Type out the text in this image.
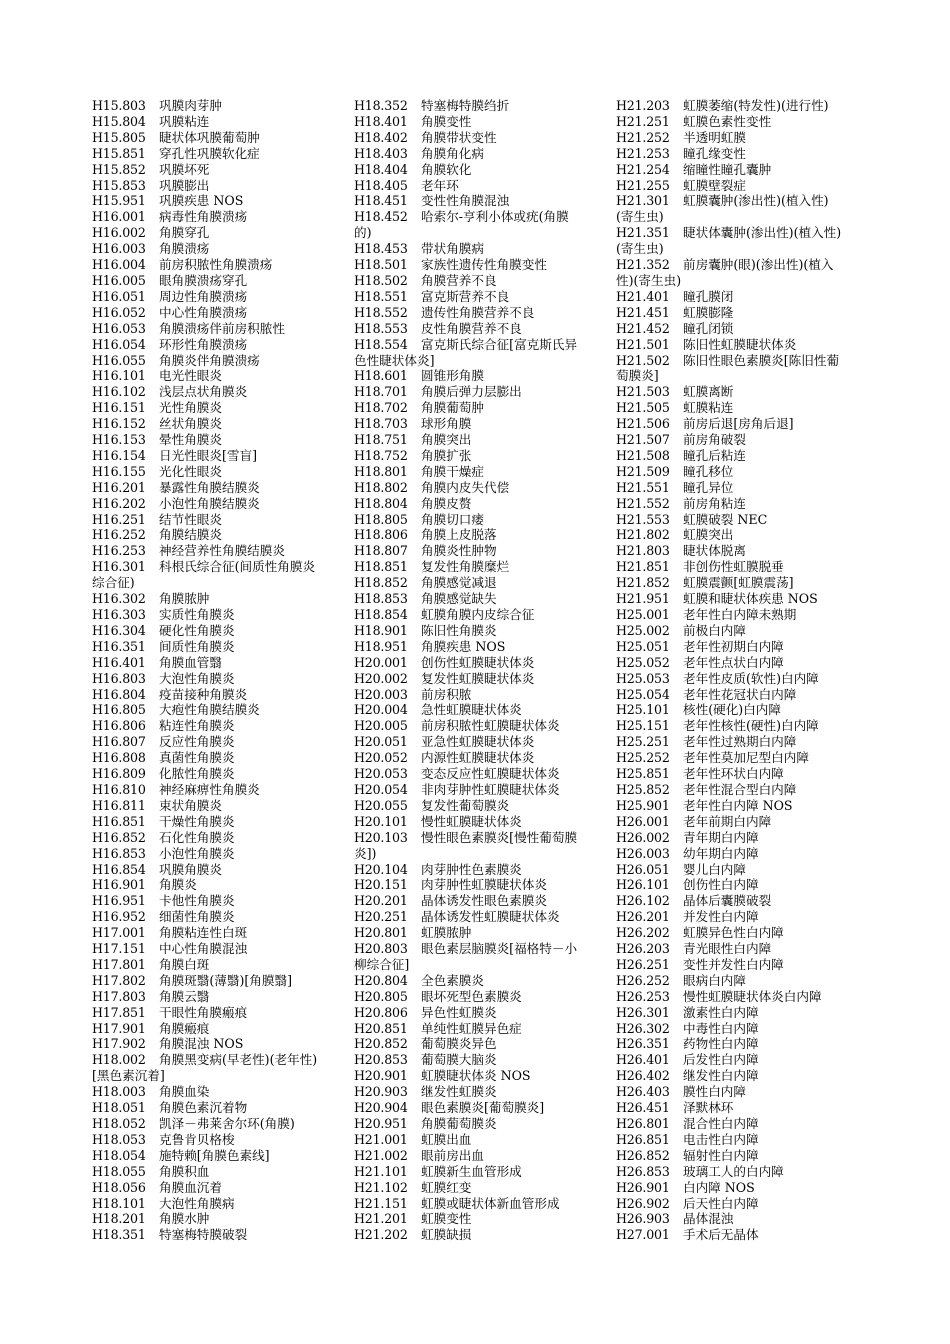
H15.803	巩膜肉芽肿
H15.804	巩膜粘连
H15.805	睫状体巩膜葡萄肿
H15.851	穿孔性巩膜软化症
H15.852	巩膜坏死
H15.853	巩膜膨出
H15.951	巩膜疾患 NOS
H16.001	病毒性角膜溃疡
H16.002	角膜穿孔
H16.003	角膜溃疡
H16.004	前房积脓性角膜溃疡
H16.005	眼角膜溃疡穿孔
H16.051	周边性角膜溃疡
H16.052	中心性角膜溃疡
H16.053	角膜溃疡伴前房积脓性
H16.054	环形性角膜溃疡
H16.055	角膜炎伴角膜溃疡
H16.101	电光性眼炎
H16.102	浅层点状角膜炎
H16.151	光性角膜炎
H16.152	丝状角膜炎
H16.153	晕性角膜炎
H16.154	日光性眼炎[雪盲]
H16.155	光化性眼炎
H16.201	暴露性角膜结膜炎
H16.202	小泡性角膜结膜炎
H16.251	结节性眼炎
H16.252	角膜结膜炎
H16.253	神经营养性角膜结膜炎
H16.301	科根氏综合征(间质性角膜炎
综合征)
H16.302	角膜脓肿
H16.303	实质性角膜炎
H16.304	硬化性角膜炎
H16.351	间质性角膜炎
H16.401	角膜血管翳
H16.803	大泡性角膜炎
H16.804	疫苗接种角膜炎
H16.805	大疱性角膜结膜炎
H16.806	粘连性角膜炎
H16.807	反应性角膜炎
H16.808	真菌性角膜炎
H16.809	化脓性角膜炎
H16.810	神经麻痹性角膜炎
H16.811	束状角膜炎
H16.851	干燥性角膜炎
H16.852	石化性角膜炎
H16.853	小泡性角膜炎
H16.854	巩膜角膜炎
H16.901	角膜炎
H16.951	卡他性角膜炎
H16.952	细菌性角膜炎
H17.001	角膜粘连性白斑
H17.151	中心性角膜混浊
H17.801	角膜白斑
H17.802	角膜斑翳(薄翳)[角膜翳]
H17.803	角膜云翳
H17.851	干眼性角膜瘢痕
H17.901	角膜瘢痕
H17.902	角膜混浊 NOS
H18.002	角膜黑变病(早老性)(老年性)
[黑色素沉着]
H18.003	角膜血染
H18.051	角膜色素沉着物
H18.052	凯泽－弗莱舍尔环(角膜)
H18.053	克鲁肯贝格梭
H18.054	施特赖[角膜色素线]
H18.055	角膜积血
H18.056	角膜血沉着
H18.101	大泡性角膜病
H18.201	角膜水肿
H18.351	特塞梅特膜破裂
H18.352	特塞梅特膜绉折
H18.401	角膜变性
H18.402	角膜带状变性
H18.403	角膜角化病
H18.404	角膜软化
H18.405	老年环
H18.451	变性性角膜混浊
H18.452	哈索尔-亨利小体或疣(角膜
的)
H18.453	带状角膜病
H18.501	家族性遗传性角膜变性
H18.502	角膜营养不良
H18.551	富克斯营养不良
H18.552	遗传性角膜营养不良
H18.553	皮性角膜营养不良
H18.554	富克斯氏综合征[富克斯氏异
色性睫状体炎]
H18.601	圆锥形角膜
H18.701	角膜后弹力层膨出
H18.702	角膜葡萄肿
H18.703	球形角膜
H18.751	角膜突出
H18.752	角膜扩张
H18.801	角膜干燥症
H18.802	角膜内皮失代偿
H18.804	角膜皮赘
H18.805	角膜切口瘘
H18.806	角膜上皮脱落
H18.807	角膜炎性肿物
H18.851	复发性角膜糜烂
H18.852	角膜感觉减退
H18.853	角膜感觉缺失
H18.854	虹膜角膜内皮综合征
H18.901	陈旧性角膜炎
H18.951	角膜疾患 NOS
H20.001	创伤性虹膜睫状体炎
H20.002	复发性虹膜睫状体炎
H20.003	前房积脓
H20.004	急性虹膜睫状体炎
H20.005	前房积脓性虹膜睫状体炎
H20.051	亚急性虹膜睫状体炎
H20.052	内源性虹膜睫状体炎
H20.053	变态反应性虹膜睫状体炎
H20.054	非肉芽肿性虹膜睫状体炎
H20.055	复发性葡萄膜炎
H20.101	慢性虹膜睫状体炎
H20.103	慢性眼色素膜炎[慢性葡萄膜
炎])
H20.104	肉芽肿性色素膜炎
H20.151	肉芽肿性虹膜睫状体炎
H20.201	晶体诱发性眼色素膜炎
H20.251	晶体诱发性虹膜睫状体炎
H20.801	虹膜脓肿
H20.803	眼色素层脑膜炎[福格特－小
柳综合征]
H20.804	全色素膜炎
H20.805	眼坏死型色素膜炎
H20.806	异色性虹膜炎
H20.851	单纯性虹膜异色症
H20.852	葡萄膜炎异色
H20.853	葡萄膜大脑炎
H20.901	虹膜睫状体炎 NOS
H20.903	继发性虹膜炎
H20.904	眼色素膜炎[葡萄膜炎]
H20.951	角膜葡萄膜炎
H21.001	虹膜出血
H21.002	眼前房出血
H21.101	虹膜新生血管形成
H21.102	虹膜红变
H21.151	虹膜或睫状体新血管形成
H21.201	虹膜变性
H21.202	虹膜缺损
H21.203	虹膜萎缩(特发性)(进行性)
H21.251	虹膜色素性变性
H21.252	半透明虹膜
H21.253	瞳孔缘变性
H21.254	缩瞳性瞳孔囊肿
H21.255	虹膜壁裂症
H21.301	虹膜囊肿(渗出性)(植入性)
(寄生虫)
H21.351	睫状体囊肿(渗出性)(植入性)
(寄生虫)
H21.352	前房囊肿(眼)(渗出性)(植入
性)(寄生虫)
H21.401	瞳孔膜闭
H21.451	虹膜膨隆
H21.452	瞳孔闭锁
H21.501	陈旧性虹膜睫状体炎
H21.502	陈旧性眼色素膜炎[陈旧性葡
萄膜炎]
H21.503	虹膜离断
H21.505	虹膜粘连
H21.506	前房后退[房角后退]
H21.507	前房角破裂
H21.508	瞳孔后粘连
H21.509	瞳孔移位
H21.551	瞳孔异位
H21.552	前房角粘连
H21.553	虹膜破裂 NEC
H21.802	虹膜突出
H21.803	睫状体脱离
H21.851	非创伤性虹膜脱垂
H21.852	虹膜震颤[虹膜震荡]
H21.951	虹膜和睫状体疾患 NOS
H25.001	老年性白内障未熟期
H25.002	前极白内障
H25.051	老年性初期白内障
H25.052	老年性点状白内障
H25.053	老年性皮质(软性)白内障
H25.054	老年性花冠状白内障
H25.101	核性(硬化)白内障
H25.151	老年性核性(硬性)白内障
H25.251	老年性过熟期白内障
H25.252	老年性莫加尼型白内障
H25.851	老年性环状白内障
H25.852	老年性混合型白内障
H25.901	老年性白内障 NOS
H26.001	老年前期白内障
H26.002	青年期白内障
H26.003	幼年期白内障
H26.051	婴儿白内障
H26.101	创伤性白内障
H26.102	晶体后囊膜破裂
H26.201	并发性白内障
H26.202	虹膜异色性白内障
H26.203	青光眼性白内障
H26.251	变性并发性白内障
H26.252	眼病白内障
H26.253	慢性虹膜睫状体炎白内障
H26.301	激素性白内障
H26.302	中毒性白内障
H26.351	药物性白内障
H26.401	后发性白内障
H26.402	继发性白内障
H26.403	膜性白内障
H26.451	泽默林环
H26.801	混合性白内障
H26.851	电击性白内障
H26.852	辐射性白内障
H26.853	玻璃工人的白内障
H26.901	白内障 NOS
H26.902	后天性白内障
H26.903	晶体混浊
H27.001	手术后无晶体
